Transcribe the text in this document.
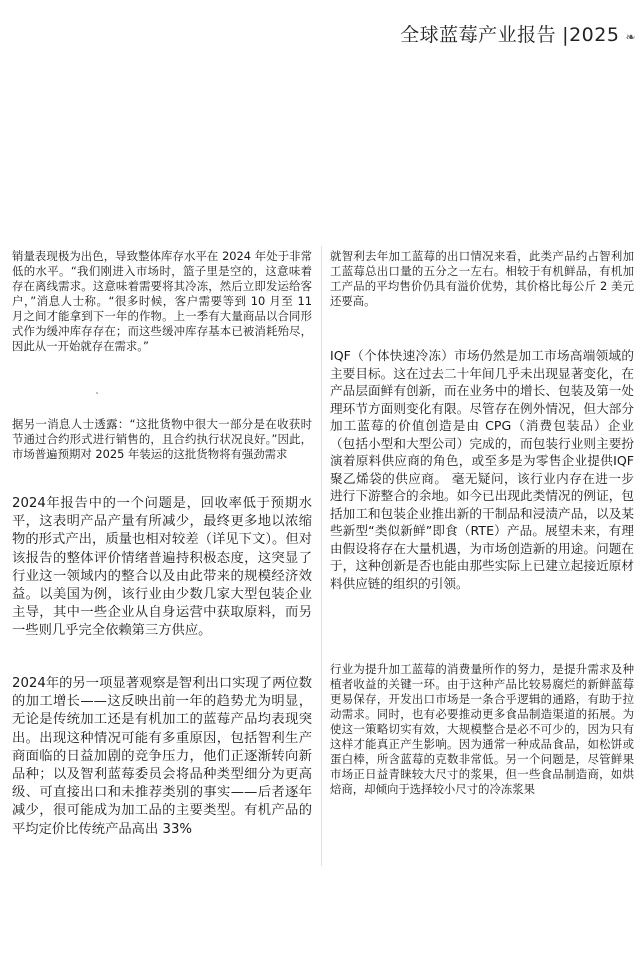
全球蓝莓产业报告 |2025 ❧

销量表现极为出色，导致整体库存水平在 2024 年处于非常低的水平。“我们刚进入市场时，篮子里是空的，这意味着存在离线需求。这意味着需要将其冷冻，然后立即发运给客户，”消息人士称。“很多时候，客户需要等到 10 月至 11 月之间才能拿到下一年的作物。上一季有大量商品以合同形式作为缓冲库存存在；而这些缓冲库存基本已被消耗殆尽，因此从一开始就存在需求。”

据另一消息人士透露：“这批货物中很大一部分是在收获时节通过合约形式进行销售的，且合约执行状况良好。”因此，市场普遍预期对 2025 年装运的这批货物将有强劲需求

2024年报告中的一个问题是，回收率低于预期水平，这表明产品产量有所减少，最终更多地以浓缩物的形式产出，质量也相对较差（详见下文）。但对该报告的整体评价情绪普遍持积极态度，这突显了行业这一领域内的整合以及由此带来的规模经济效益。以美国为例，该行业由少数几家大型包装企业主导，其中一些企业从自身运营中获取原料，而另一些则几乎完全依赖第三方供应。

2024年的另一项显著观察是智利出口实现了两位数的加工增长——这反映出前一年的趋势尤为明显，无论是传统加工还是有机加工的蓝莓产品均表现突出。出现这种情况可能有多重原因，包括智利生产商面临的日益加剧的竞争压力，他们正逐渐转向新品种；以及智利蓝莓委员会将品种类型细分为更高级、可直接出口和未推荐类别的事实——后者逐年减少，很可能成为加工品的主要类型。有机产品的平均定价比传统产品高出 33%

就智利去年加工蓝莓的出口情况来看，此类产品约占智利加工蓝莓总出口量的五分之一左右。相较于有机鲜品，有机加工产品的平均售价仍具有溢价优势，其价格比每公斤 2 美元还要高。

IQF（个体快速冷冻）市场仍然是加工市场高端领域的主要目标。这在过去二十年间几乎未出现显著变化，在产品层面鲜有创新，而在业务中的增长、包装及第一处理环节方面则变化有限。尽管存在例外情况，但大部分加工蓝莓的价值创造是由 CPG（消费包装品）企业（包括小型和大型公司）完成的，而包装行业则主要扮演着原料供应商的角色，或至多是为零售企业提供IQF聚乙烯袋的供应商。 毫无疑问，该行业内存在进一步进行下游整合的余地。如今已出现此类情况的例证，包括加工和包装企业推出新的干制品和浸渍产品，以及某些新型“类似新鲜”即食（RTE）产品。展望未来，有理由假设将存在大量机遇，为市场创造新的用途。问题在于，这种创新是否也能由那些实际上已建立起接近原材料供应链的组织的引领。

行业为提升加工蓝莓的消费量所作的努力，是提升需求及种植者收益的关键一环。由于这种产品比较易腐烂的新鲜蓝莓更易保存，开发出口市场是一条合乎逻辑的通路，有助于拉动需求。同时，也有必要推动更多食品制造渠道的拓展。为使这一策略切实有效，大规模整合是必不可少的，因为只有这样才能真正产生影响。因为通常一种成品食品，如松饼或蛋白棒，所含蓝莓的克数非常低。另一个问题是，尽管鲜果市场正日益青睐较大尺寸的浆果，但一些食品制造商，如烘焙商，却倾向于选择较小尺寸的冷冻浆果
